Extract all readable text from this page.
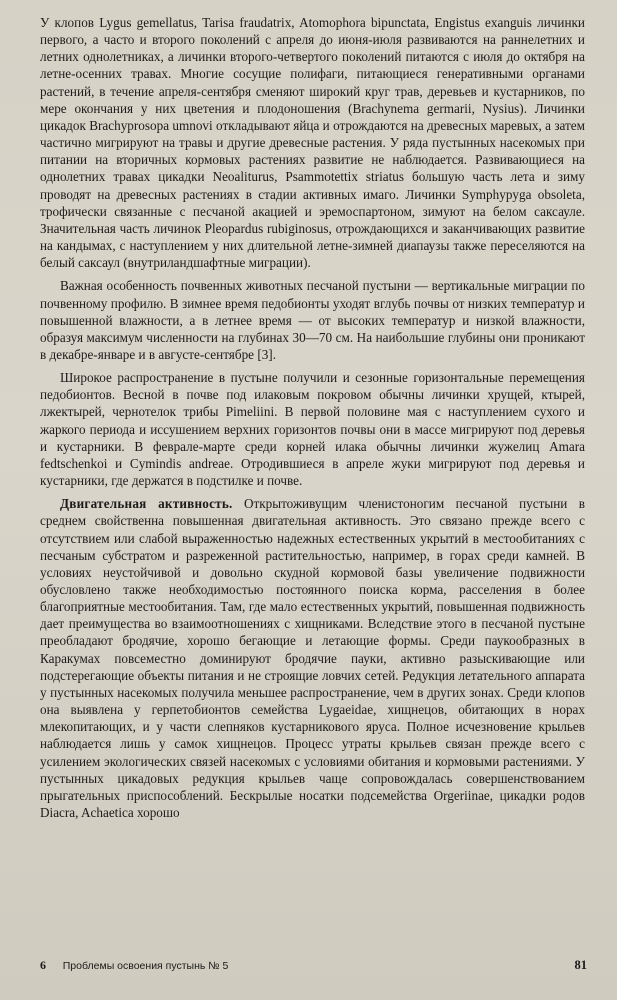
У клопов Lygus gemellatus, Tarisa fraudatrix, Atomophora bipunctata, Engistus exanguis личинки первого, а часто и второго поколений с апреля до июня-июля развиваются на раннелетних и летних однолетниках, а личинки второго-четвертого поколений питаются с июля до октября на летне-осенних травах. Многие сосущие полифаги, питающиеся генеративными органами растений, в течение апреля-сентября сменяют широкий круг трав, деревьев и кустарников, по мере окончания у них цветения и плодоношения (Brachynema germarii, Nysius). Личинки цикадок Brachyprosopa umnovi откладывают яйца и отрождаются на древесных маревых, а затем частично мигрируют на травы и другие древесные растения. У ряда пустынных насекомых при питании на вторичных кормовых растениях развитие не наблюдается. Развивающиеся на однолетних травах цикадки Neoaliturus, Psammotettix striatus большую часть лета и зиму проводят на древесных растениях в стадии активных имаго. Личинки Symphypyga obsoleta, трофически связанные с песчаной акацией и эремоспартоном, зимуют на белом саксауле. Значительная часть личинок Pleopardus rubiginosus, отрождающихся и заканчивающих развитие на кандымах, с наступлением у них длительной летне-зимней диапаузы также переселяются на белый саксаул (внутриландшафтные миграции).

Важная особенность почвенных животных песчаной пустыни — вертикальные миграции по почвенному профилю. В зимнее время педобионты уходят вглубь почвы от низких температур и повышенной влажности, а в летнее время — от высоких температур и низкой влажности, образуя максимум численности на глубинах 30—70 см. На наибольшие глубины они проникают в декабре-январе и в августе-сентябре [3].

Широкое распространение в пустыне получили и сезонные горизонтальные перемещения педобионтов. Весной в почве под илаковым покровом обычны личинки хрущей, ктырей, лжектырей, чернотелок трибы Pimeliini. В первой половине мая с наступлением сухого и жаркого периода и иссушением верхних горизонтов почвы они в массе мигрируют под деревья и кустарники. В феврале-марте среди корней илака обычны личинки жужелиц Amara fedtschenkoi и Cymindis andreae. Отродившиеся в апреле жуки мигрируют под деревья и кустарники, где держатся в подстилке и почве.

Двигательная активность. Открытоживущим членистоногим песчаной пустыни в среднем свойственна повышенная двигательная активность. Это связано прежде всего с отсутствием или слабой выраженностью надежных естественных укрытий в местообитаниях с песчаным субстратом и разреженной растительностью, например, в горах среди камней. В условиях неустойчивой и довольно скудной кормовой базы увеличение подвижности обусловлено также необходимостью постоянного поиска корма, расселения в более благоприятные местообитания. Там, где мало естественных укрытий, повышенная подвижность дает преимущества во взаимоотношениях с хищниками. Вследствие этого в песчаной пустыне преобладают бродячие, хорошо бегающие и летающие формы. Среди паукообразных в Каракумах повсеместно доминируют бродячие пауки, активно разыскивающие или подстерегающие объекты питания и не строящие ловчих сетей. Редукция летательного аппарата у пустынных насекомых получила меньшее распространение, чем в других зонах. Среди клопов она выявлена у герпетобионтов семейства Lygaeidae, хищнецов, обитающих в норах млекопитающих, и у части слепняков кустарникового яруса. Полное исчезновение крыльев наблюдается лишь у самок хищнецов. Процесс утраты крыльев связан прежде всего с усилением экологических связей насекомых с условиями обитания и кормовыми растениями. У пустынных цикадовых редукция крыльев чаще сопровождалась совершенствованием прыгательных приспособлений. Бескрылые носатки подсемейства Orgeriinae, цикадки родов Diacra, Achaetica хорошо

6 Проблемы освоения пустынь № 5	81
